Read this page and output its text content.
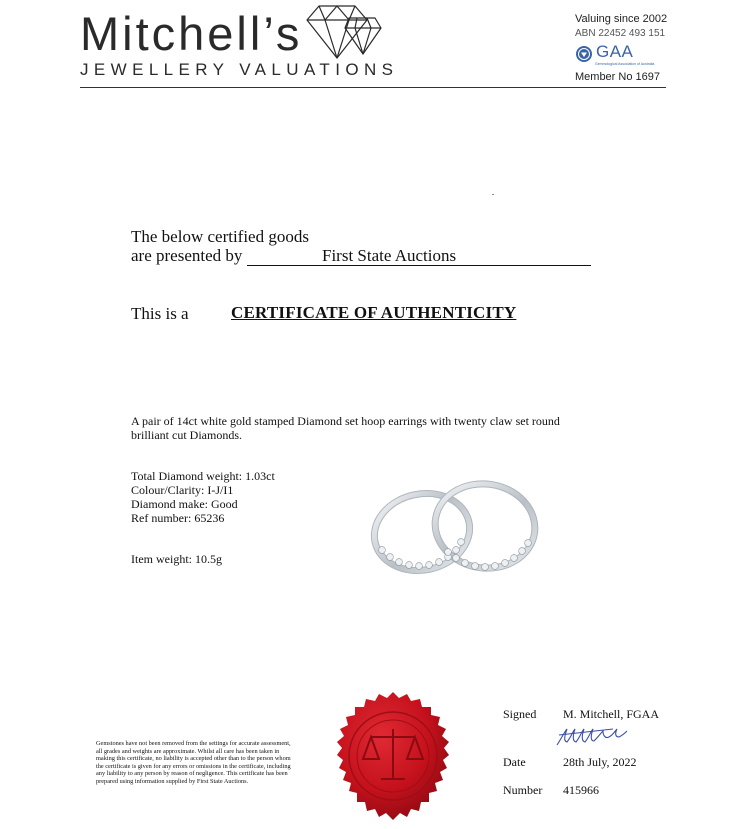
Mitchell’s
JEWELLERY VALUATIONS
Valuing since 2002
ABN 22452 493 151
GAA
Gemmological Association of Australia
Member No 1697
The below certified goods
are presented by	First State Auctions
This is a CERTIFICATE OF AUTHENTICITY
A pair of 14ct white gold stamped Diamond set hoop earrings with twenty claw set round brilliant cut Diamonds.
Total Diamond weight: 1.03ct
Colour/Clarity: I-J/I1
Diamond make: Good
Ref number: 65236
Item weight: 10.5g
Gemstones have not been removed from the settings for accurate assessment, all grades and weights are approximate. Whilst all care has been taken in making this certificate, no liability is accepted other than to the person whom the certificate is given for any errors or omissions in the certificate, including any liability to any person by reason of negligence. This certificate has been prepared using information supplied by First State Auctions.
Signed M. Mitchell, FGAA
Date	28th July, 2022
Number 415966
